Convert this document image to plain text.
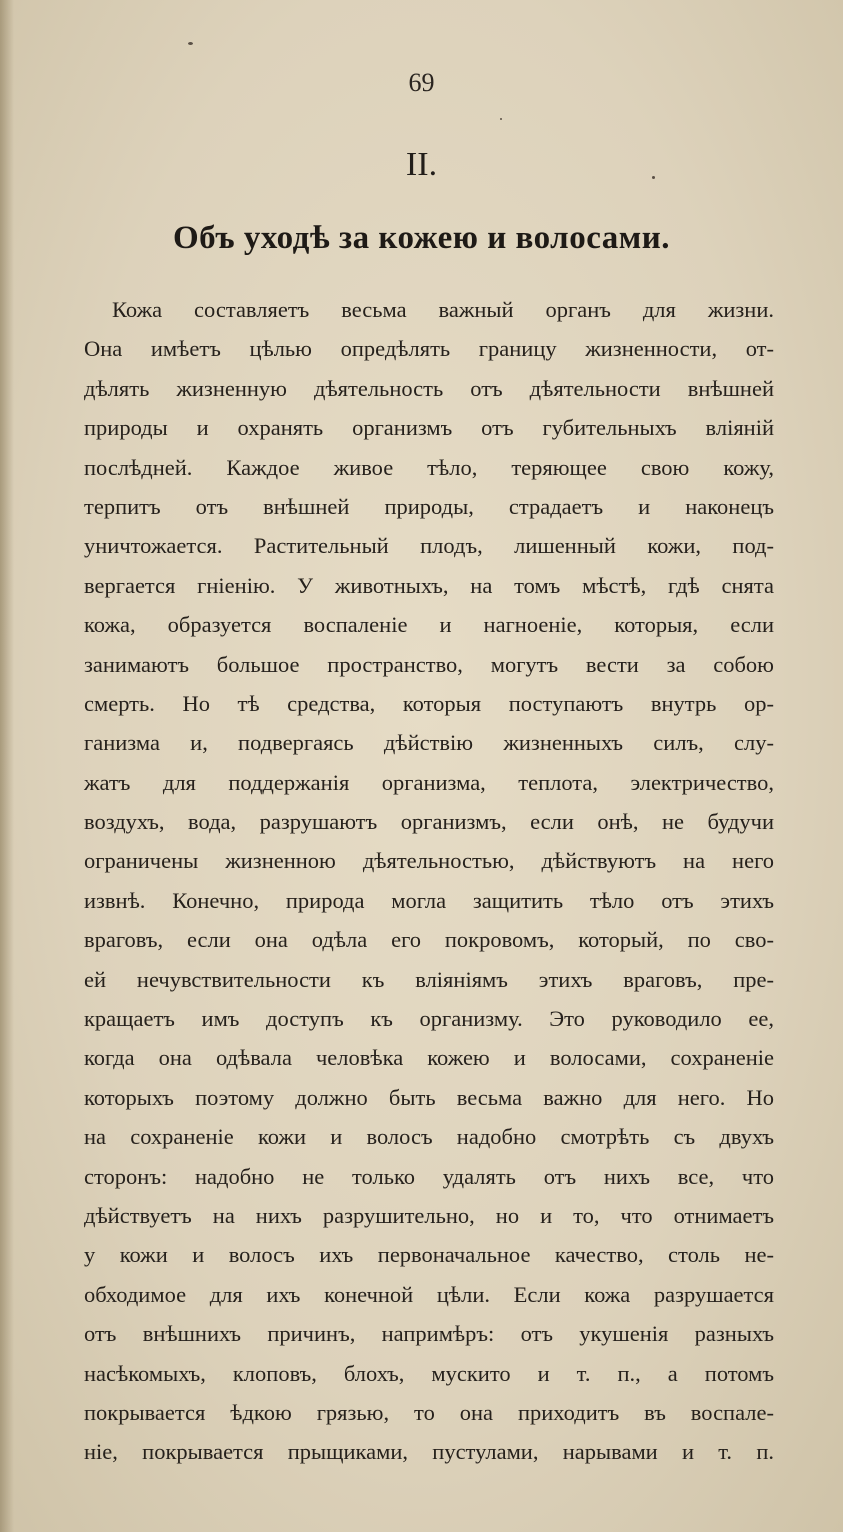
69
II.
Объ уходѣ за кожею и волосами.
Кожа составляетъ весьма важный органъ для жизни.
Она имѣетъ цѣлью опредѣлять границу жизненности, от-
дѣлять жизненную дѣятельность отъ дѣятельности внѣшней
природы и охранять организмъ отъ губительныхъ вліяній
послѣдней. Каждое живое тѣло, теряющее свою кожу,
терпитъ отъ внѣшней природы, страдаетъ и наконецъ
уничтожается. Растительный плодъ, лишенный кожи, под-
вергается гніенію. У животныхъ, на томъ мѣстѣ, гдѣ снята
кожа, образуется воспаленіе и нагноеніе, которыя, если
занимаютъ большое пространство, могутъ вести за собою
смерть. Но тѣ средства, которыя поступаютъ внутрь ор-
ганизма и, подвергаясь дѣйствію жизненныхъ силъ, слу-
жатъ для поддержанія организма, теплота, электричество,
воздухъ, вода, разрушаютъ организмъ, если онѣ, не будучи
ограничены жизненною дѣятельностью, дѣйствуютъ на него
извнѣ. Конечно, природа могла защитить тѣло отъ этихъ
враговъ, если она одѣла его покровомъ, который, по сво-
ей нечувствительности къ вліяніямъ этихъ враговъ, пре-
кращаетъ имъ доступъ къ организму. Это руководило ее,
когда она одѣвала человѣка кожею и волосами, сохраненіе
которыхъ поэтому должно быть весьма важно для него. Но
на сохраненіе кожи и волосъ надобно смотрѣть съ двухъ
сторонъ: надобно не только удалять отъ нихъ все, что
дѣйствуетъ на нихъ разрушительно, но и то, что отнимаетъ
у кожи и волосъ ихъ первоначальное качество, столь не-
обходимое для ихъ конечной цѣли. Если кожа разрушается
отъ внѣшнихъ причинъ, напримѣръ: отъ укушенія разныхъ
насѣкомыхъ, клоповъ, блохъ, мускито и т. п., а потомъ
покрывается ѣдкою грязью, то она приходитъ въ воспале-
ніе, покрывается прыщиками, пустулами, нарывами и т. п.
